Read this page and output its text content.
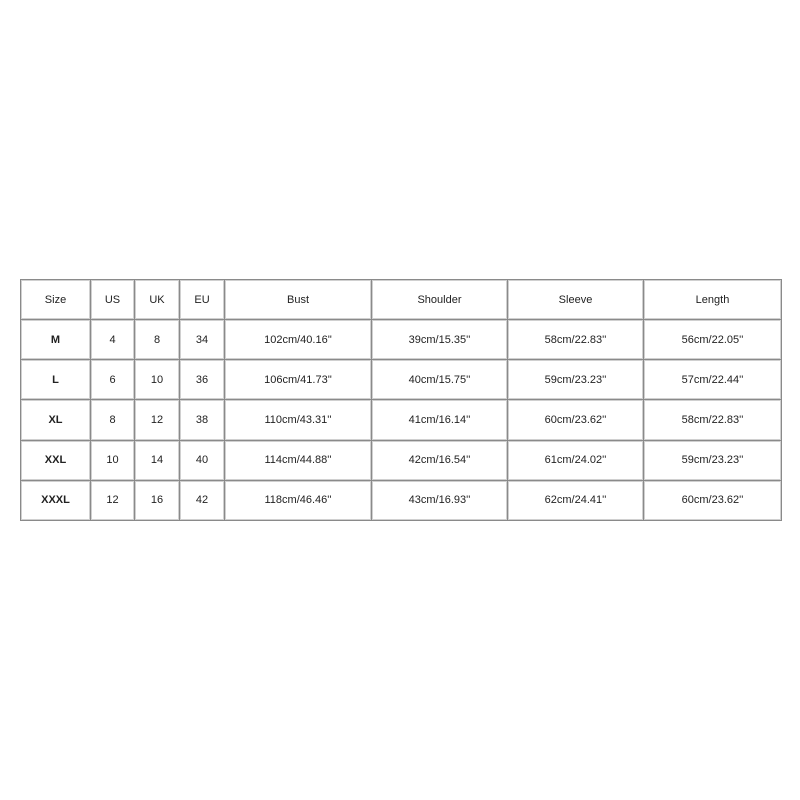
Size	US	UK	EU	Bust	Shoulder	Sleeve	Length
M	4	8	34	102cm/40.16''	39cm/15.35''	58cm/22.83''	56cm/22.05''
L	6	10	36	106cm/41.73''	40cm/15.75''	59cm/23.23''	57cm/22.44''
XL	8	12	38	110cm/43.31''	41cm/16.14''	60cm/23.62''	58cm/22.83''
XXL	10	14	40	114cm/44.88''	42cm/16.54''	61cm/24.02''	59cm/23.23''
XXXL	12	16	42	118cm/46.46''	43cm/16.93''	62cm/24.41''	60cm/23.62''
